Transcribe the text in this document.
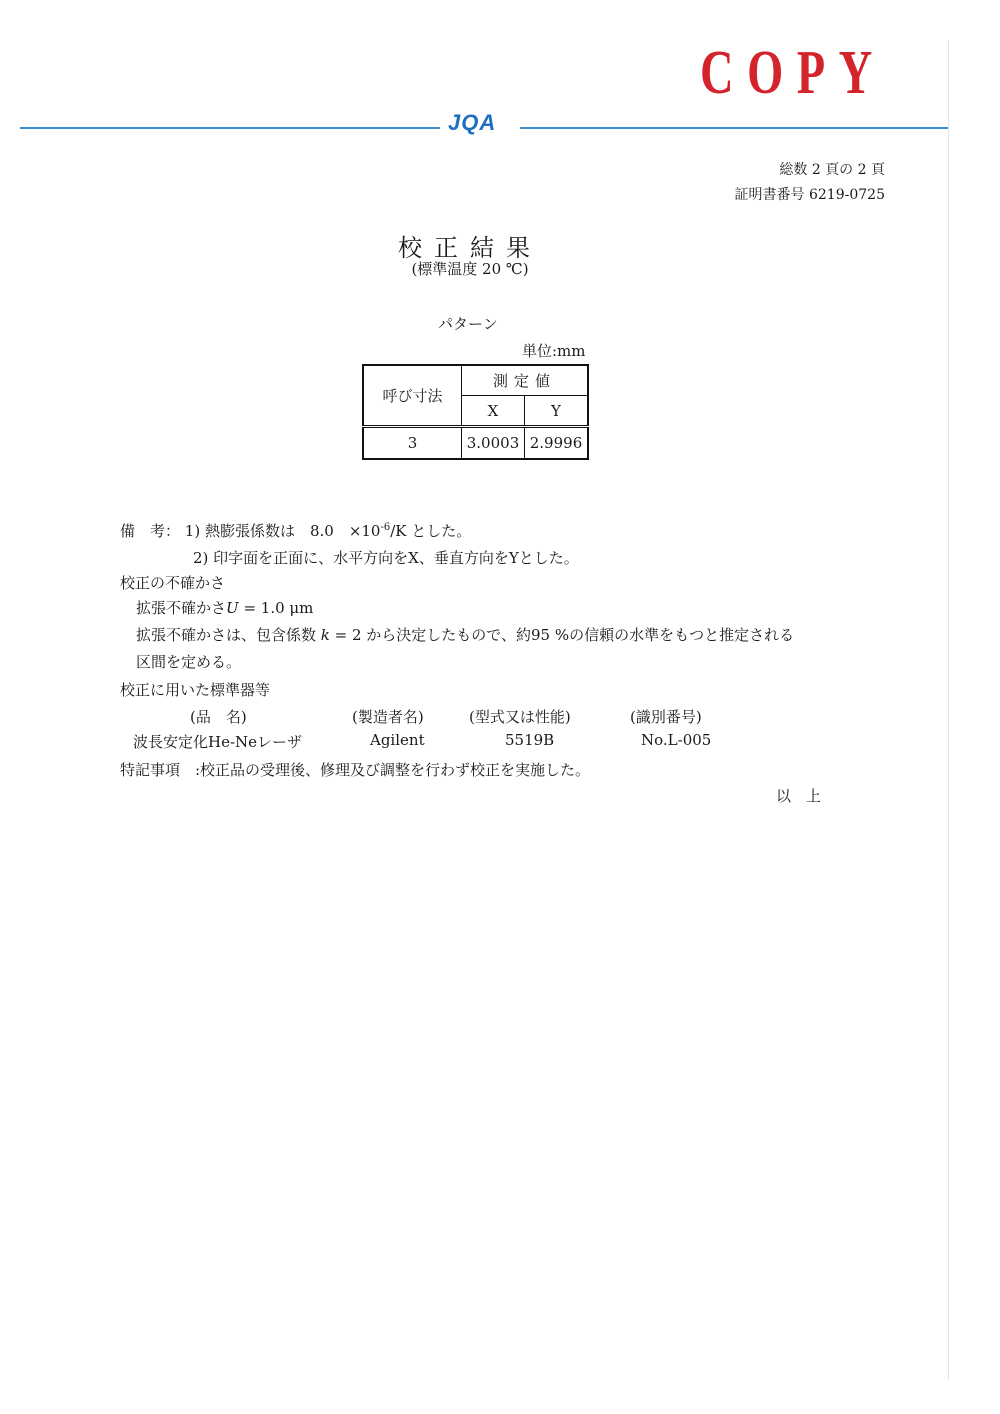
COPY
JQA
総数 2 頁の 2 頁
証明書番号 6219-0725
校正結果
(標準温度 20 ℃)
パターン
単位:mm
呼び寸法	測定値	
	X	Y
3	3.0003	2.9996
備　考： 1) 熱膨張係数は　8.0　$\times 10^{-6}/K$ とした。
2) 印字面を正面に、水平方向をX、垂直方向をYとした。
校正の不確かさ
拡張不確かさU = 1.0 μm
拡張不確かさは、包含係数 k = 2 から決定したもので、約95 %の信頼の水準をもつと推定される
区間を定める。
校正に用いた標準器等
(品　名)	(製造者名)	(型式又は性能)	(識別番号)
波長安定化He-Neレーザ	Agilent	5519B	No.L-005
特記事項　:校正品の受理後、修理及び調整を行わず校正を実施した。
以　上
